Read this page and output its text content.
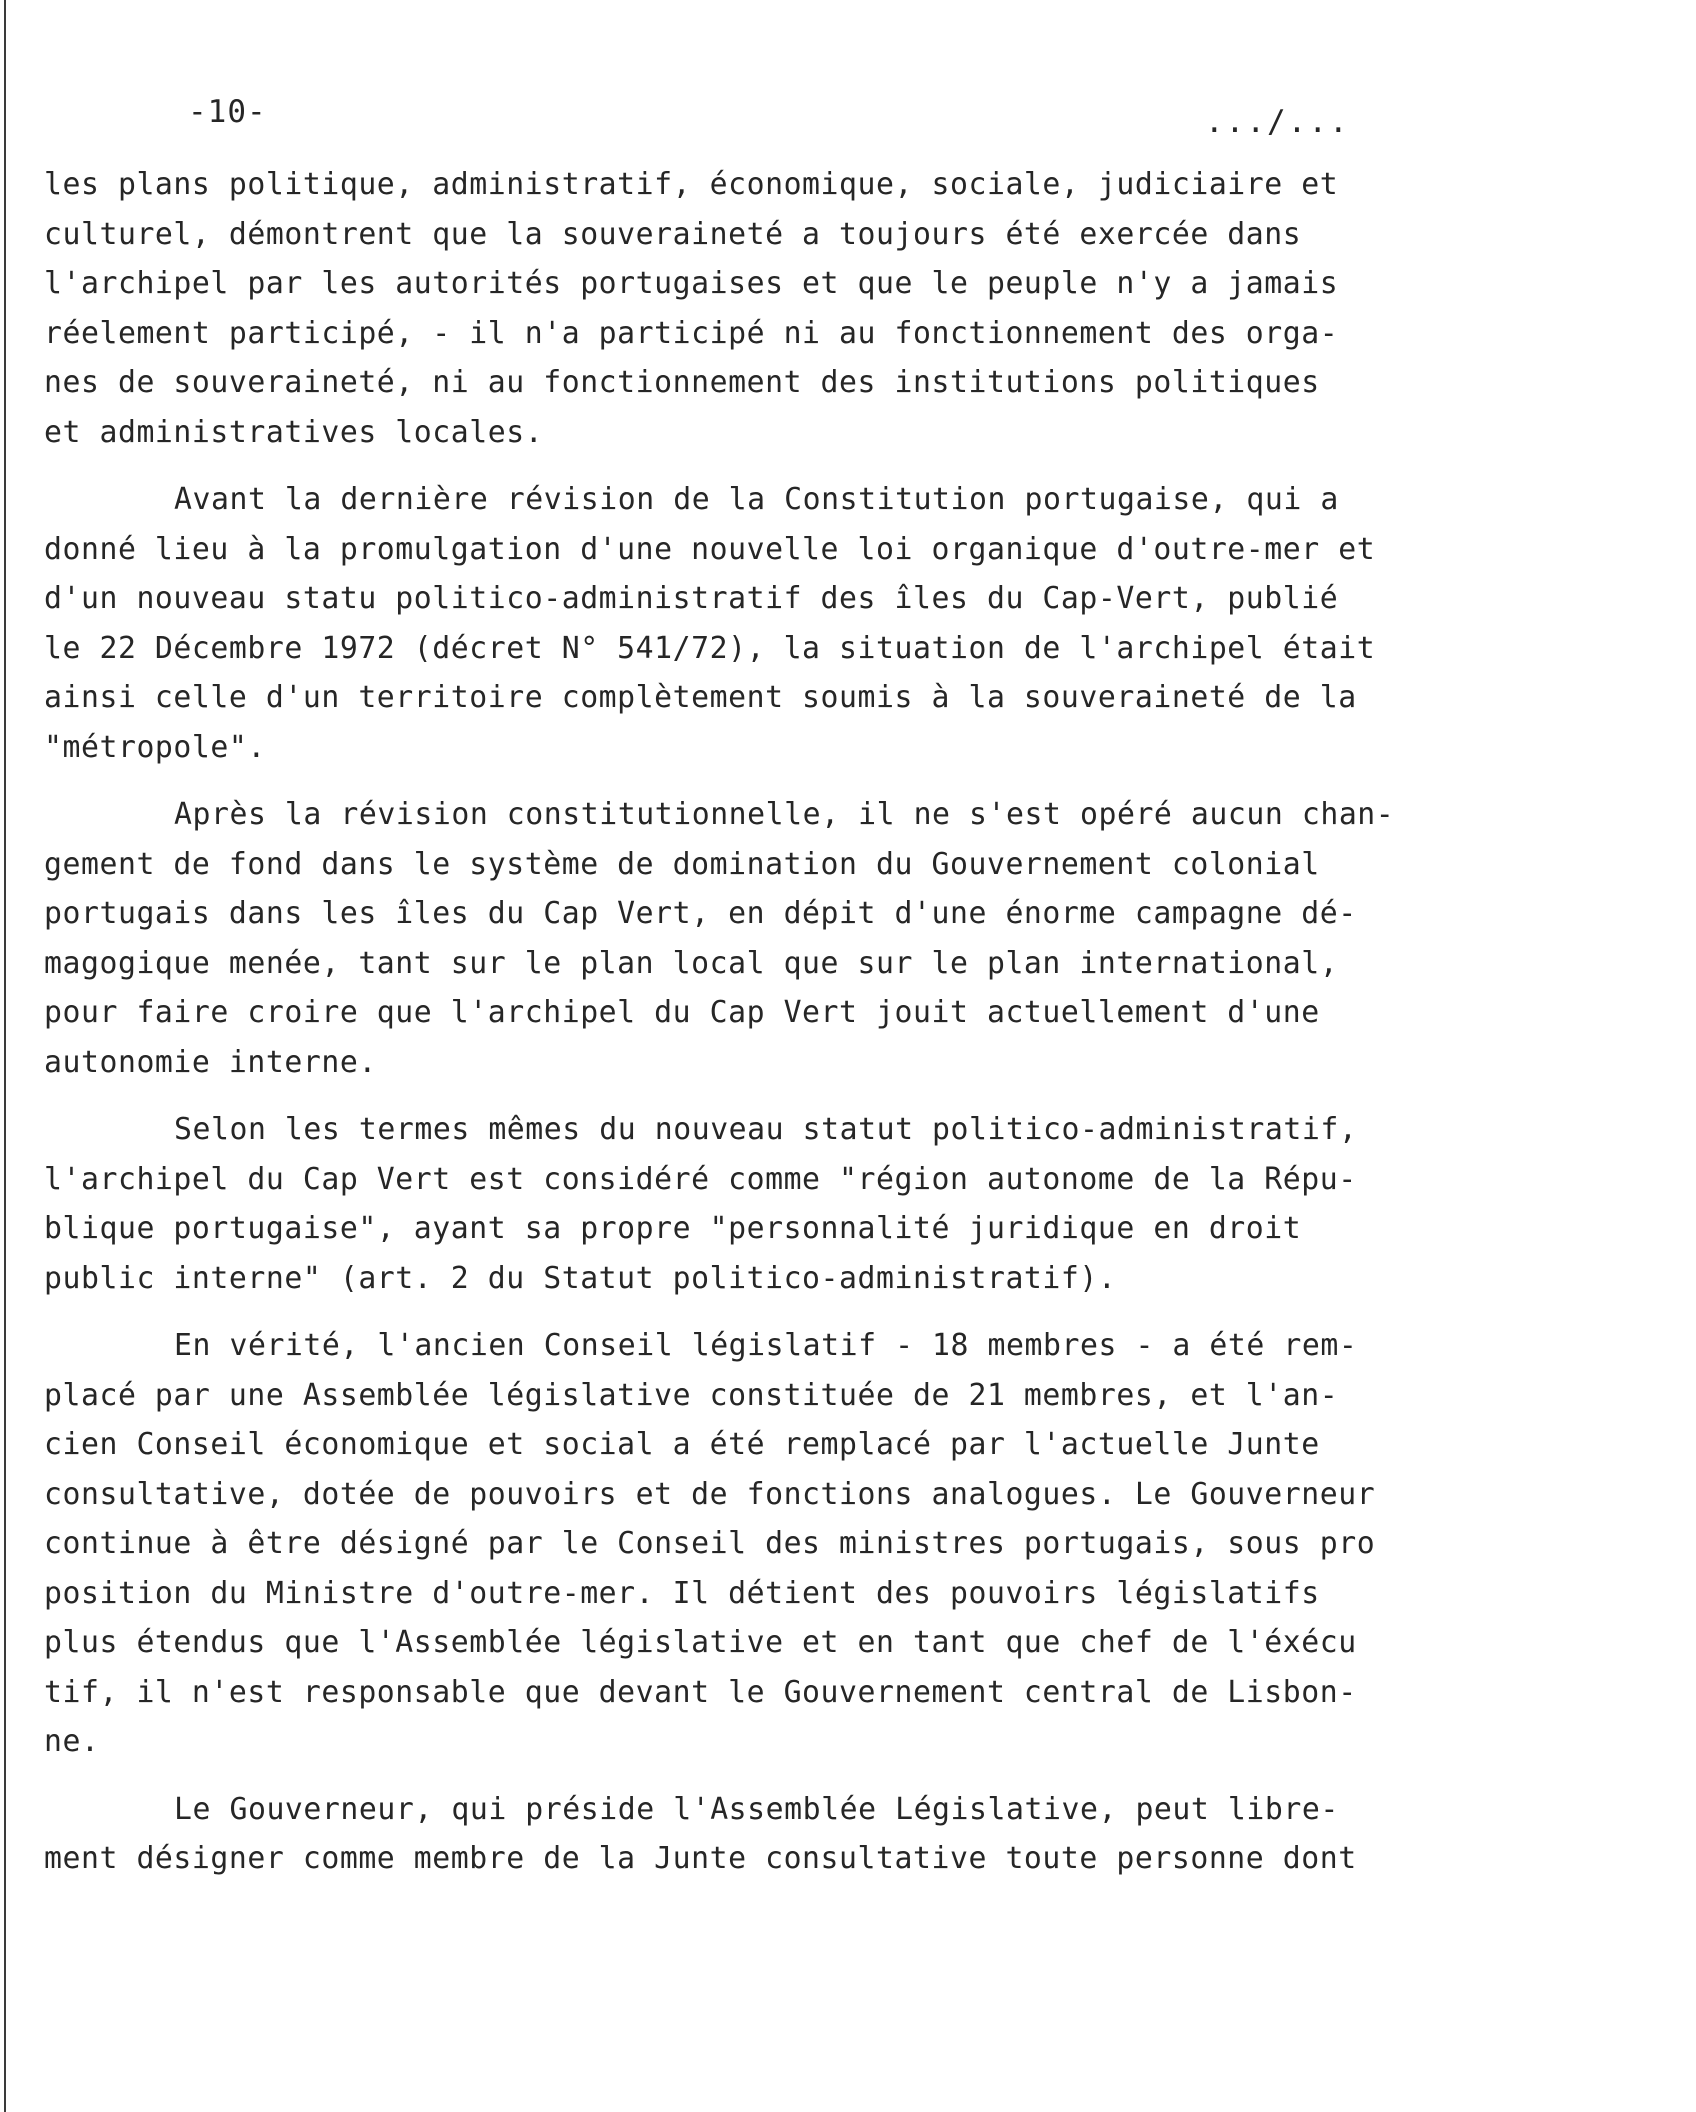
-10-	.../...

les plans politique, administratif, économique, sociale, judiciaire et
culturel, démontrent que la souveraineté a toujours été exercée dans
l'archipel par les autorités portugaises et que le peuple n'y a jamais
réelement participé, - il n'a participé ni au fonctionnement des orga-
nes de souveraineté, ni au fonctionnement des institutions politiques
et administratives locales.

Avant la dernière révision de la Constitution portugaise, qui a
donné lieu à la promulgation d'une nouvelle loi organique d'outre-mer et
d'un nouveau statu politico-administratif des îles du Cap-Vert, publié
le 22 Décembre 1972 (décret N° 541/72), la situation de l'archipel était
ainsi celle d'un territoire complètement soumis à la souveraineté de la
"métropole".

Après la révision constitutionnelle, il ne s'est opéré aucun chan-
gement de fond dans le système de domination du Gouvernement colonial
portugais dans les îles du Cap Vert, en dépit d'une énorme campagne dé-
magogique menée, tant sur le plan local que sur le plan international,
pour faire croire que l'archipel du Cap Vert jouit actuellement d'une
autonomie interne.

Selon les termes mêmes du nouveau statut politico-administratif,
l'archipel du Cap Vert est considéré comme "région autonome de la Répu-
blique portugaise", ayant sa propre "personnalité juridique en droit
public interne" (art. 2 du Statut politico-administratif).

En vérité, l'ancien Conseil législatif - 18 membres - a été rem-
placé par une Assemblée législative constituée de 21 membres, et l'an-
cien Conseil économique et social a été remplacé par l'actuelle Junte
consultative, dotée de pouvoirs et de fonctions analogues. Le Gouverneur
continue à être désigné par le Conseil des ministres portugais, sous pro
position du Ministre d'outre-mer. Il détient des pouvoirs législatifs
plus étendus que l'Assemblée législative et en tant que chef de l'éxécu
tif, il n'est responsable que devant le Gouvernement central de Lisbon-
ne.

Le Gouverneur, qui préside l'Assemblée Législative, peut libre-
ment désigner comme membre de la Junte consultative toute personne dont
